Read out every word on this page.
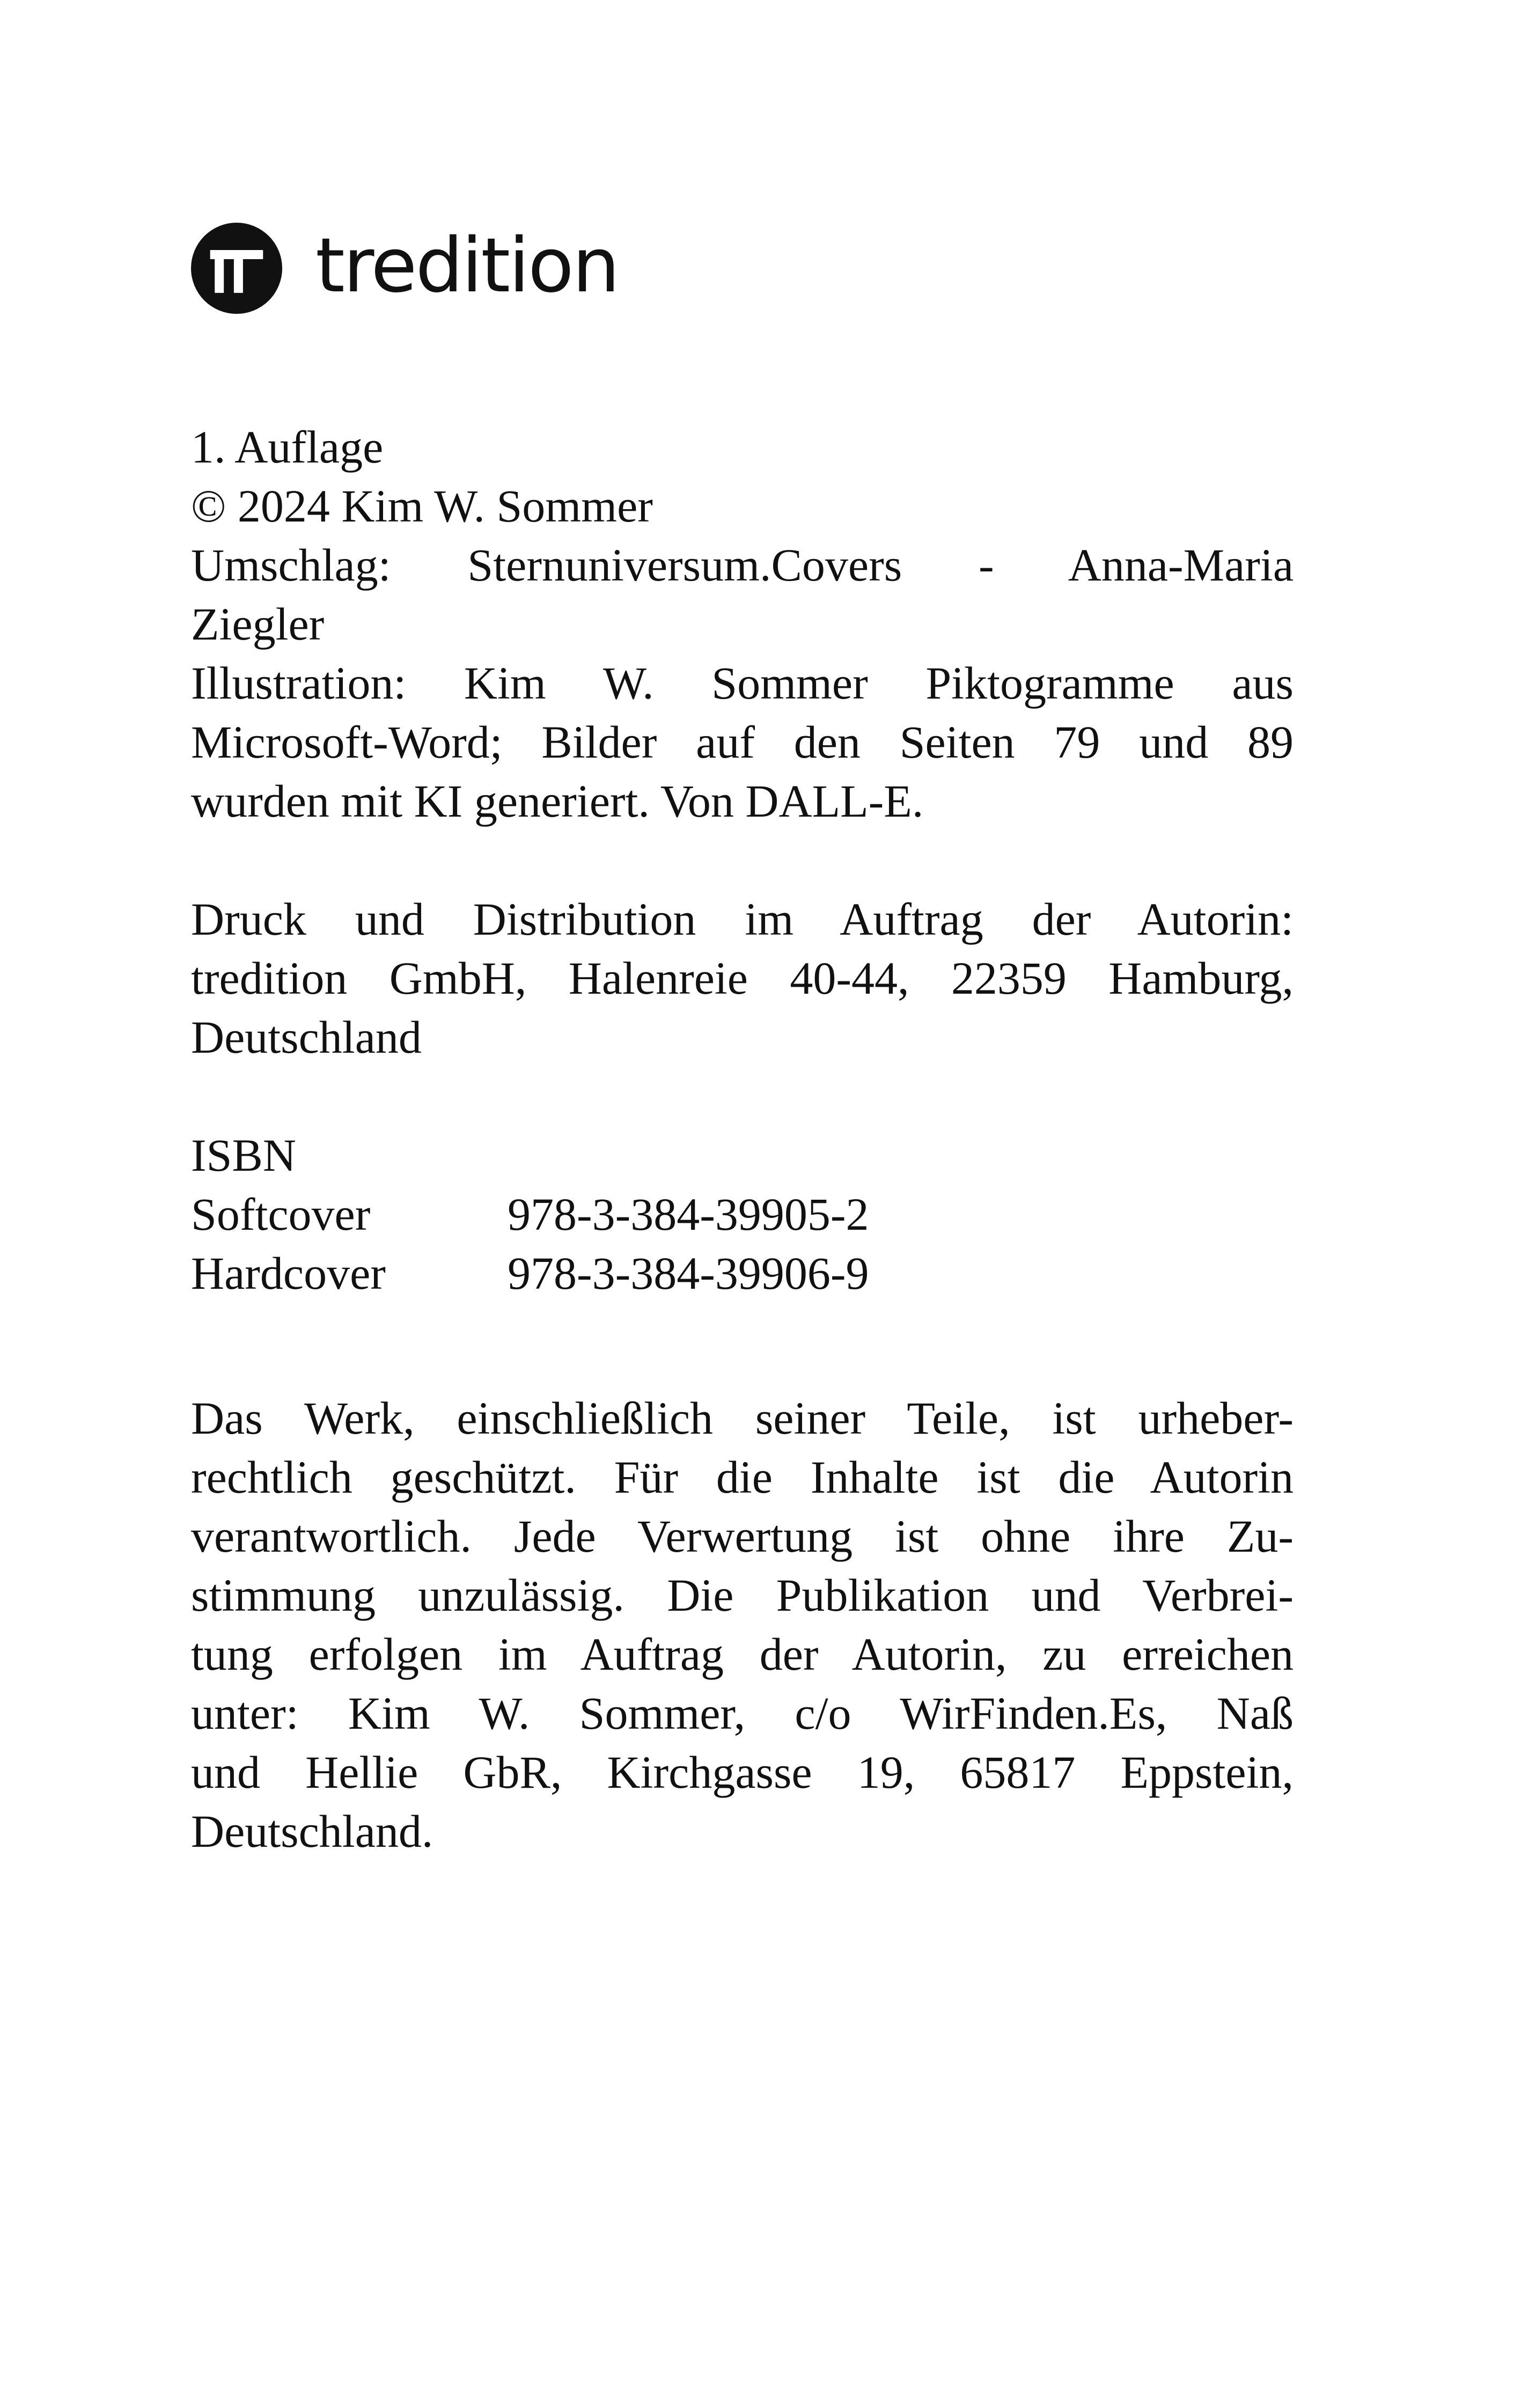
tredition
1. Auflage
© 2024 Kim W. Sommer
Umschlag: Sternuniversum.Covers - Anna-Maria
Ziegler
Illustration: Kim W. Sommer Piktogramme aus
Microsoft-Word; Bilder auf den Seiten 79 und 89
wurden mit KI generiert. Von DALL-E.
Druck und Distribution im Auftrag der Autorin:
tredition GmbH, Halenreie 40-44, 22359 Hamburg,
Deutschland
ISBN
Softcover	978-3-384-39905-2
Hardcover	978-3-384-39906-9
Das Werk, einschließlich seiner Teile, ist urheber-
rechtlich geschützt. Für die Inhalte ist die Autorin
verantwortlich. Jede Verwertung ist ohne ihre Zu-
stimmung unzulässig. Die Publikation und Verbrei-
tung erfolgen im Auftrag der Autorin, zu erreichen
unter: Kim W. Sommer, c/o WirFinden.Es, Naß
und Hellie GbR, Kirchgasse 19, 65817 Eppstein,
Deutschland.
